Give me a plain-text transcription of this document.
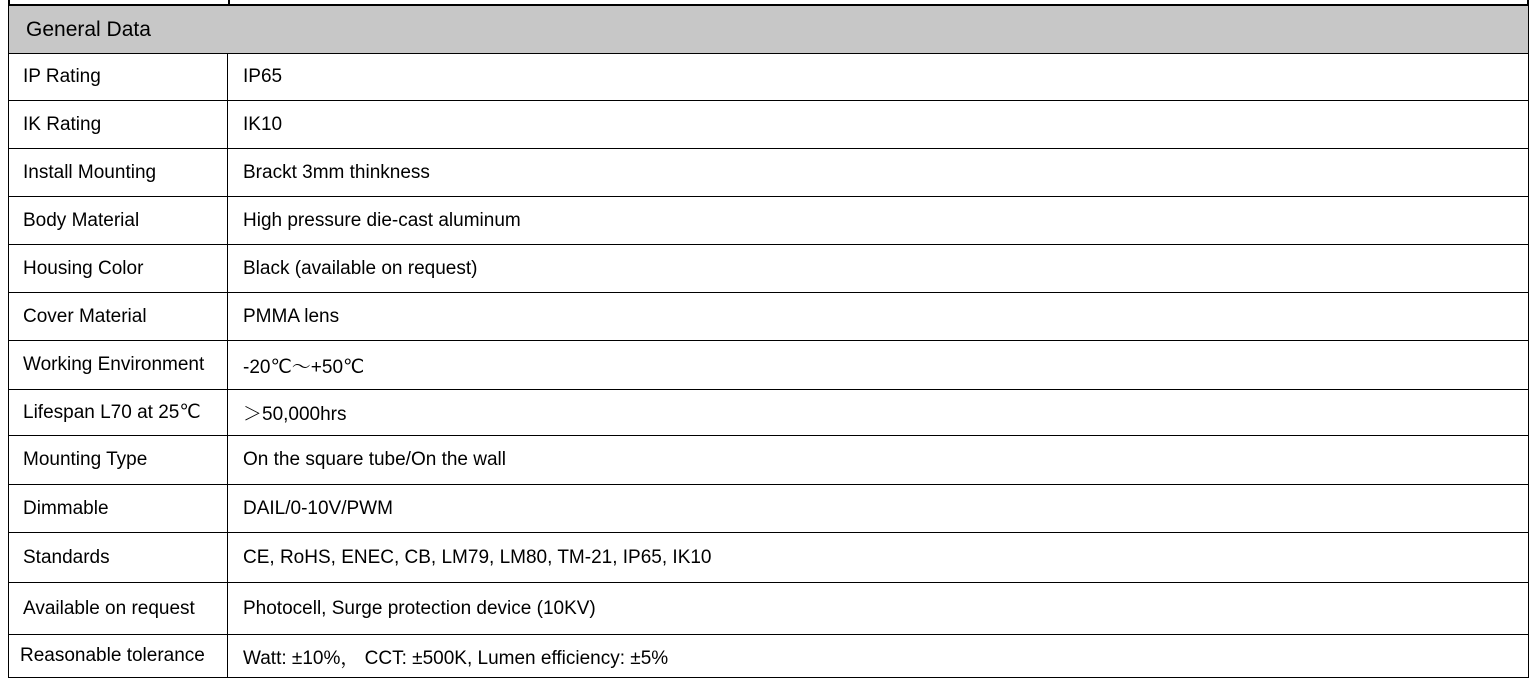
General Data	
IP Rating	IP65
IK Rating	IK10
Install Mounting	Brackt 3mm thinkness
Body Material	High pressure die-cast aluminum
Housing Color	Black (available on request)
Cover Material	PMMA lens
Working Environment	-20℃～+50℃
Lifespan L70 at 25℃	＞50,000hrs
Mounting Type	On the square tube/On the wall
Dimmable	DAIL/0-10V/PWM
Standards	CE, RoHS, ENEC, CB, LM79, LM80, TM-21, IP65, IK10
Available on request	Photocell, Surge protection device (10KV)
Reasonable tolerance	Watt: ±10%， CCT: ±500K, Lumen efficiency: ±5%
